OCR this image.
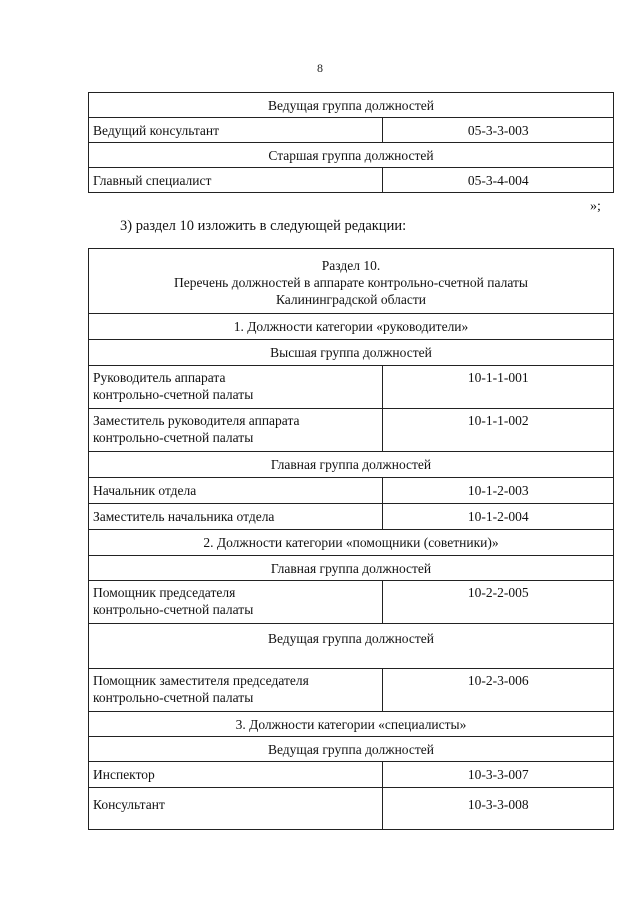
8
Ведущая группа должностей	
Ведущий консультант	05-3-3-003
Старшая группа должностей	
Главный специалист	05-3-4-004
»;
3) раздел 10 изложить в следующей редакции:
Раздел 10.
Перечень должностей в аппарате контрольно-счетной палаты
Калининградской области	

1. Должности категории «руководители»	
Высшая группа должностей	

Руководитель аппарата
контрольно-счетной палаты	10-1-1-001

Заместитель руководителя аппарата
контрольно-счетной палаты	10-1-1-002
Главная группа должностей	
Начальник отдела	10-1-2-003
Заместитель начальника отдела	10-1-2-004
2. Должности категории «помощники (советники)»	
Главная группа должностей	

Помощник председателя
контрольно-счетной палаты	10-2-2-005
Ведущая группа должностей	

Помощник заместителя председателя
контрольно-счетной палаты	10-2-3-006
3. Должности категории «специалисты»	
Ведущая группа должностей	
Инспектор	10-3-3-007
Консультант	10-3-3-008
